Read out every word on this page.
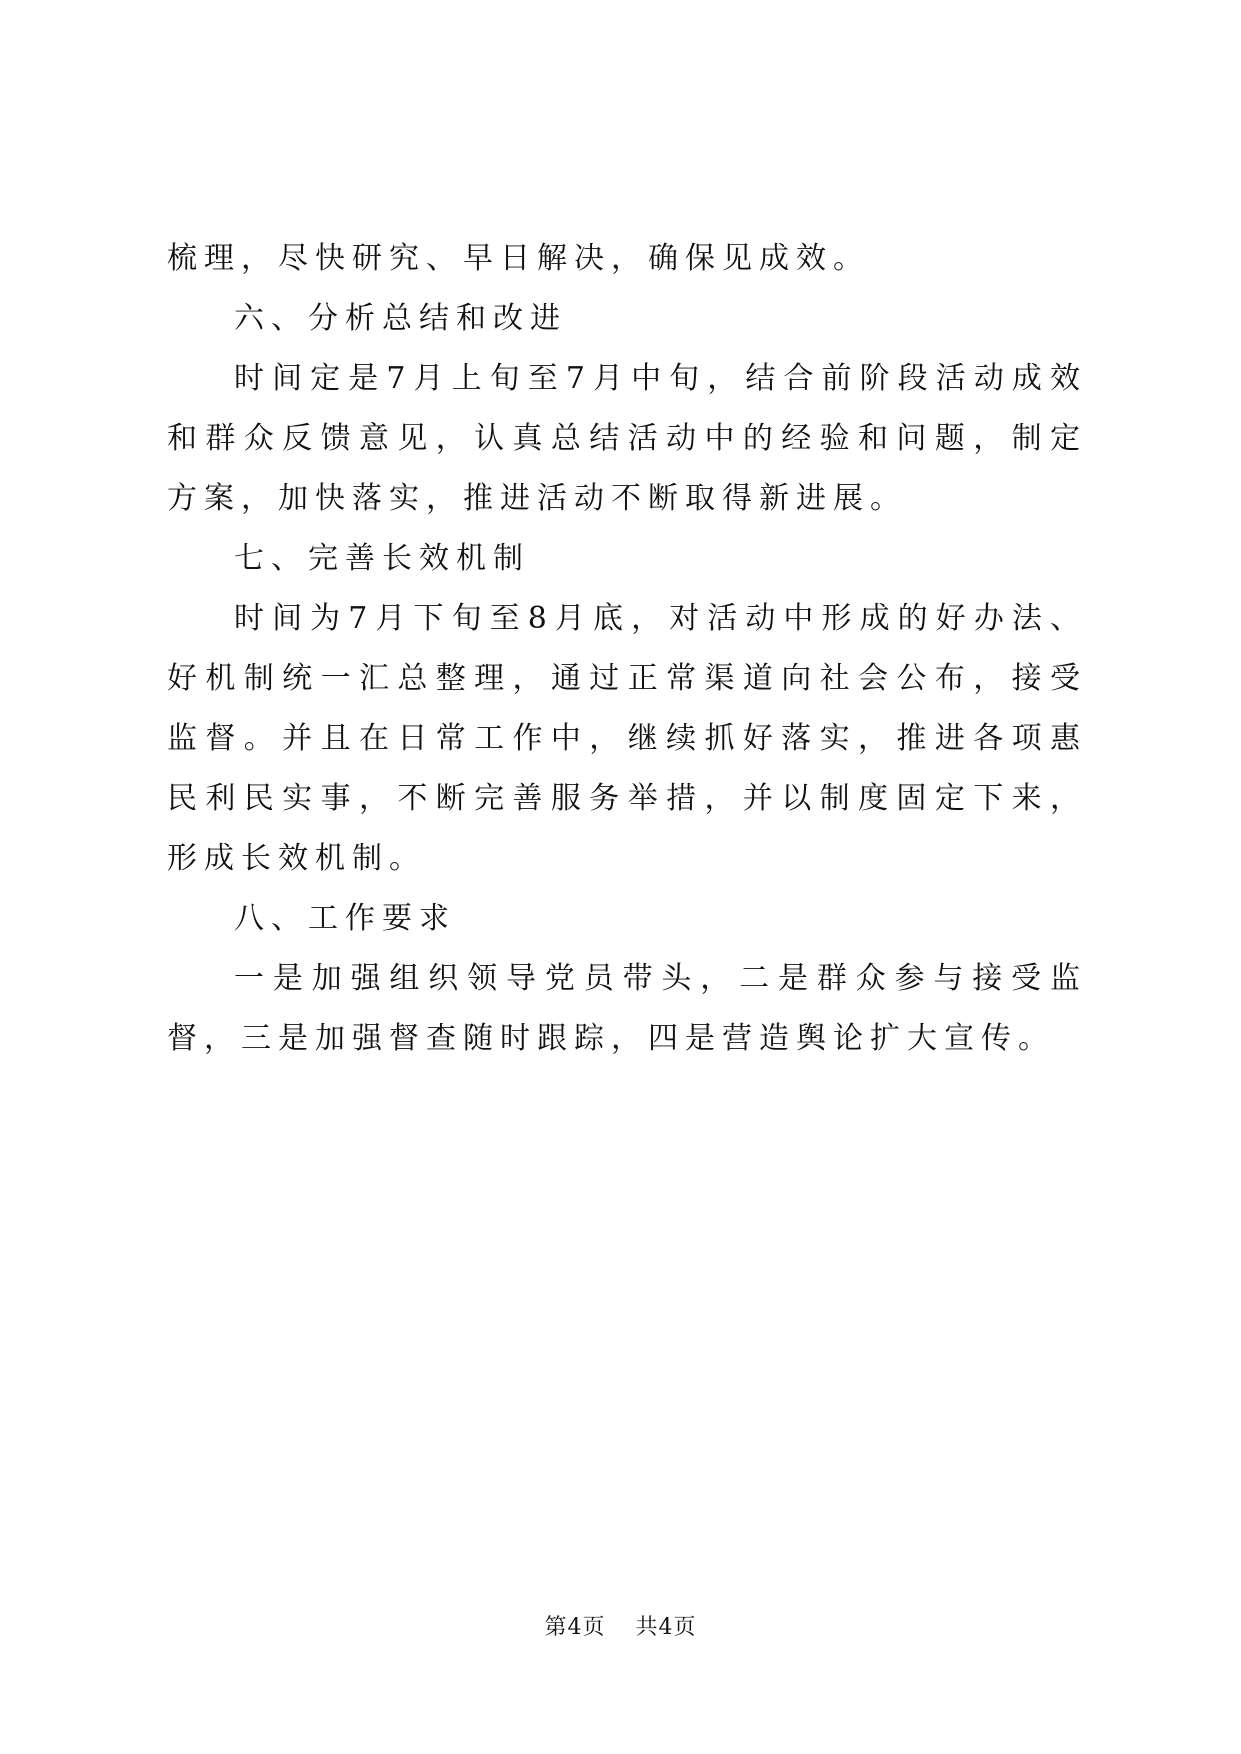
梳理，尽快研究、早日解决，确保见成效。

六、分析总结和改进

时间定是7月上旬至7月中旬，结合前阶段活动成效和群众反馈意见，认真总结活动中的经验和问题，制定方案，加快落实，推进活动不断取得新进展。

七、完善长效机制

时间为7月下旬至8月底，对活动中形成的好办法、好机制统一汇总整理，通过正常渠道向社会公布，接受监督。并且在日常工作中，继续抓好落实，推进各项惠民利民实事，不断完善服务举措，并以制度固定下来，形成长效机制。

八、工作要求

一是加强组织领导党员带头，二是群众参与接受监督，三是加强督查随时跟踪，四是营造舆论扩大宣传。

第4页 共4页
